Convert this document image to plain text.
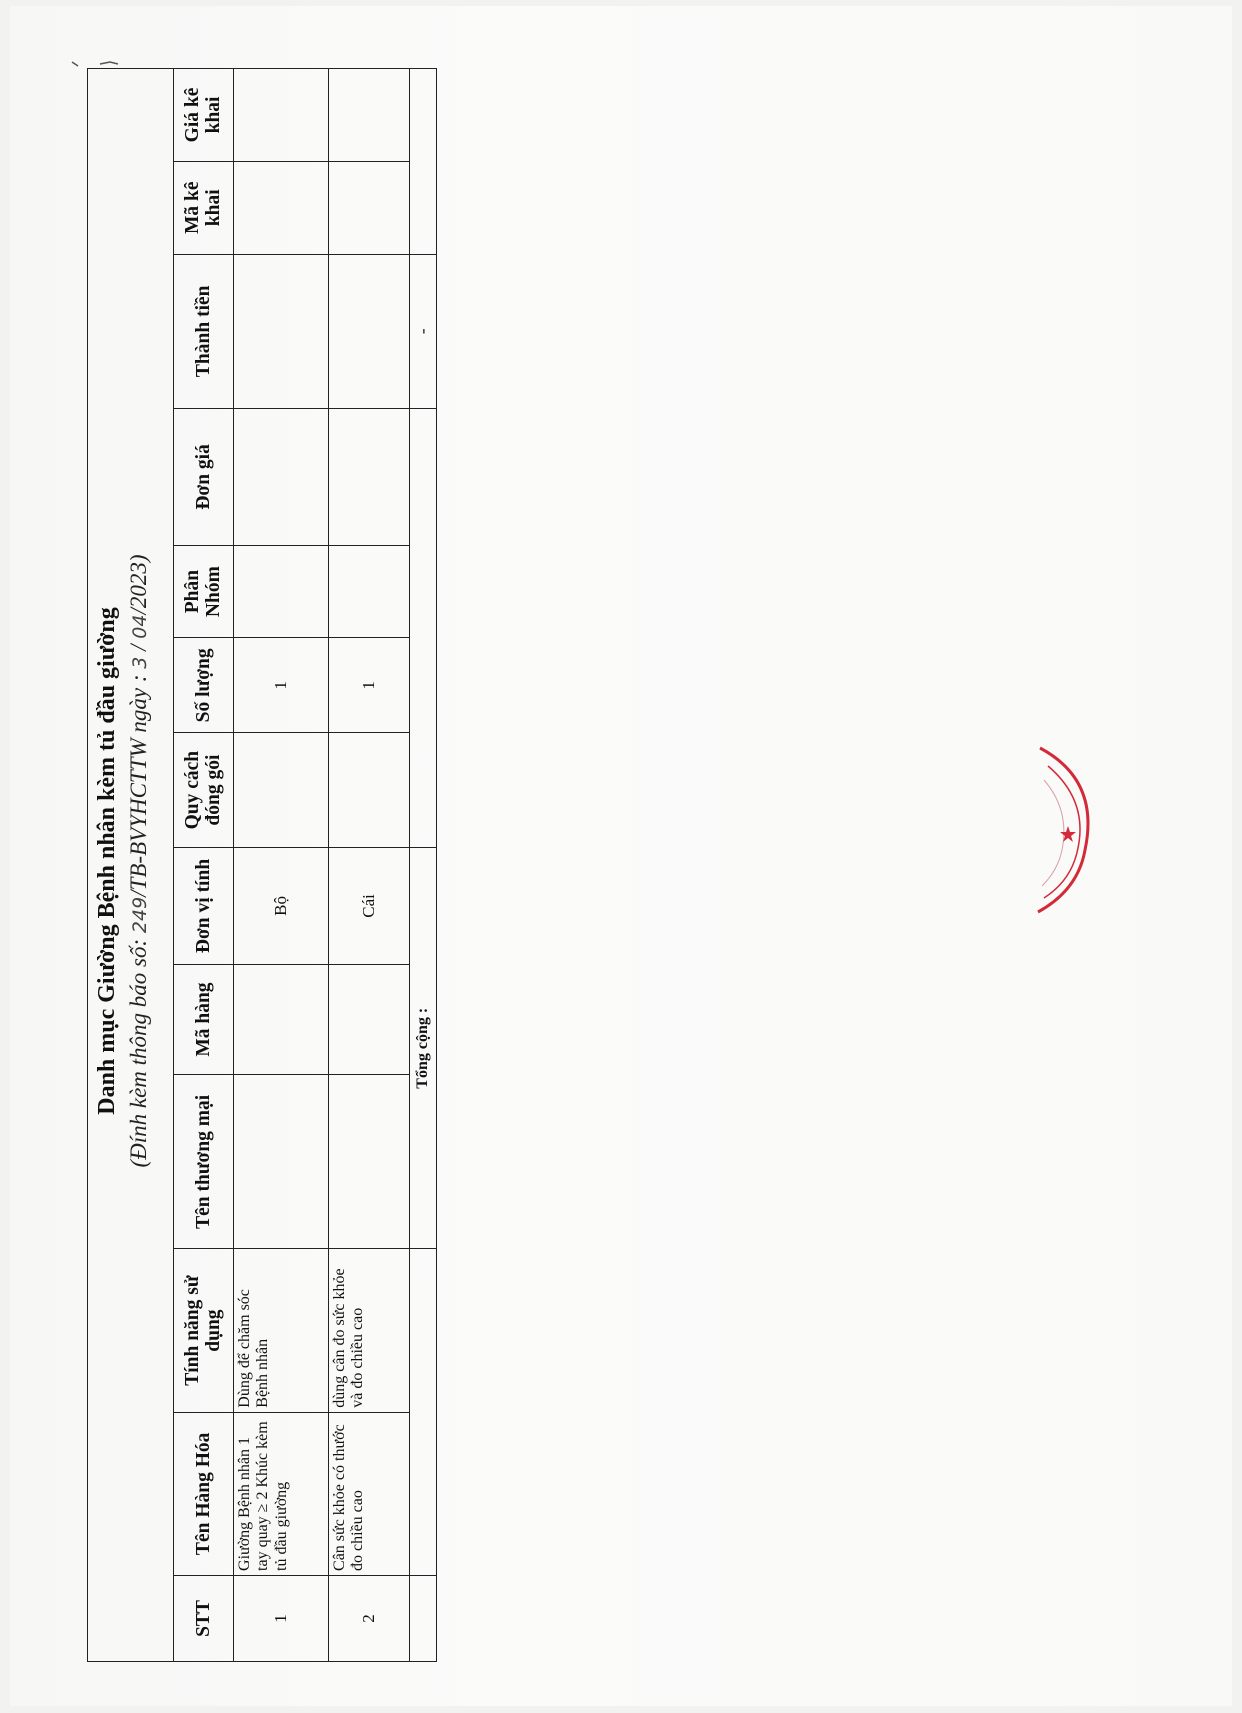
Danh mục Giường Bệnh nhân kèm tủ đầu giường (Đính kèm thông báo số: 249/TB-BVYHCTTW ngày : 3 / 04/2023)												

STT	Tên Hàng Hóa	Tính năng sử dụng	Tên thương mại	Mã hàng	Đơn vị tính	Quy cách đóng gói	Số lượng	Phân Nhóm	Đơn giá	Thành tiền	Mã kê khai	Giá kê khai
1	Giường Bệnh nhân 1 tay quay ≥ 2 Khúc kèm tủ đầu giường	Dùng để chăm sóc Bệnh nhân			Bộ		1					
2	Cân sức khỏe có thước đo chiều cao	dùng cân đo sức khỏe và đo chiều cao			Cái		1					
			Tổng cộng :							-		
